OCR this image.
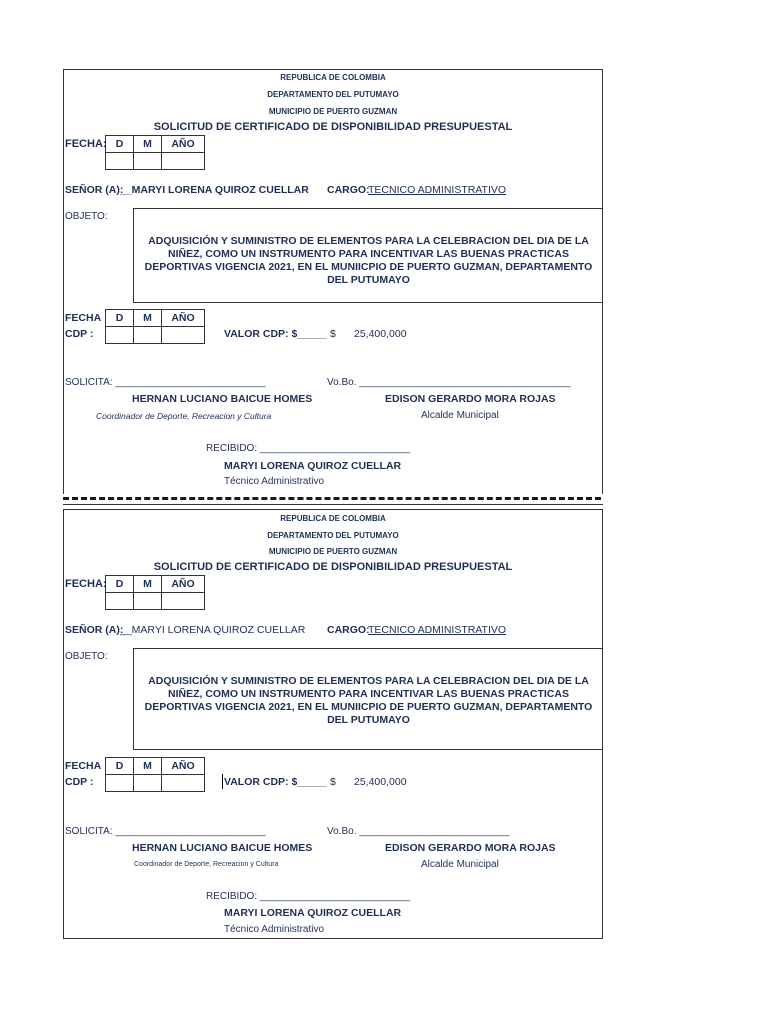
REPUBLICA DE COLOMBIA
DEPARTAMENTO DEL PUTUMAYO
MUNICIPIO DE PUERTO GUZMAN
SOLICITUD DE CERTIFICADO DE DISPONIBILIDAD PRESUPUESTAL
FECHA: D	M	AÑO

SEÑOR (A):
__MARYI LORENA QUIROZ CUELLAR CARGO:
TECNICO ADMINISTRATIVO
OBJETO:
ADQUISICIÓN Y SUMINISTRO DE ELEMENTOS PARA LA CELEBRACION DEL DIA DE LA NIÑEZ, COMO UN INSTRUMENTO PARA INCENTIVAR LAS BUENAS PRACTICAS DEPORTIVAS VIGENCIA 2021, EN EL MUNIICPIO DE PUERTO GUZMAN, DEPARTAMENTO DEL PUTUMAYO
FECHA
CDP :
D	M	AÑO

VALOR CDP: $_____ $ 25,400,000
SOLICITA: ___________________________
HERNAN LUCIANO BAICUE HOMES
Coordinador de Deporte, Recreacion y Cultura
Vo.Bo. ______________________________________
EDISON GERARDO MORA ROJAS
Alcalde Municipal
RECIBIDO: ___________________________
MARYI LORENA QUIROZ CUELLAR
Técnico Administrativo
REPUBLICA DE COLOMBIA
DEPARTAMENTO DEL PUTUMAYO
MUNICIPIO DE PUERTO GUZMAN
SOLICITUD DE CERTIFICADO DE DISPONIBILIDAD PRESUPUESTAL
FECHA: D	M	AÑO

SEÑOR (A):
__MARYI LORENA QUIROZ CUELLAR CARGO:
TECNICO ADMINISTRATIVO
OBJETO:
ADQUISICIÓN Y SUMINISTRO DE ELEMENTOS PARA LA CELEBRACION DEL DIA DE LA NIÑEZ, COMO UN INSTRUMENTO PARA INCENTIVAR LAS BUENAS PRACTICAS DEPORTIVAS VIGENCIA 2021, EN EL MUNIICPIO DE PUERTO GUZMAN, DEPARTAMENTO DEL PUTUMAYO
FECHA
CDP :
D	M	AÑO

VALOR CDP: $_____ $ 25,400,000
SOLICITA: ___________________________
HERNAN LUCIANO BAICUE HOMES
Coordinador de Deporte, Recreacion y Cultura
Vo.Bo. ___________________________
EDISON GERARDO MORA ROJAS
Alcalde Municipal
RECIBIDO: ___________________________
MARYI LORENA QUIROZ CUELLAR
Técnico Administrativo
